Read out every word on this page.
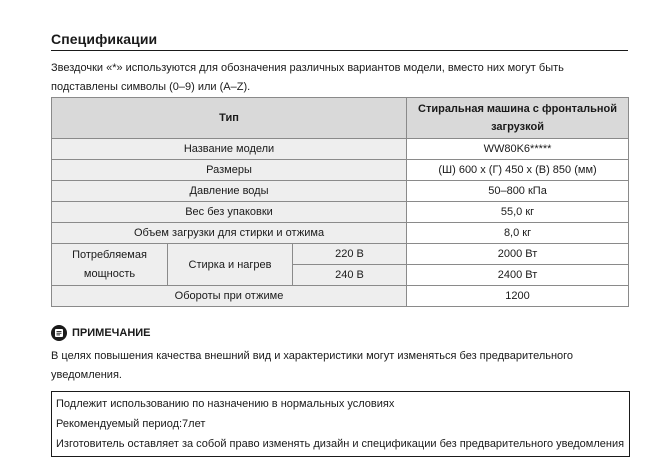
Спецификации
Звездочки «*» используются для обозначения различных вариантов модели, вместо них могут быть подставлены символы (0–9) или (A–Z).
Тип			Стиральная машина с фронтальной загрузкой
Название модели			WW80K6*****
Размеры			(Ш) 600 x (Г) 450 x (В) 850 (мм)
Давление воды			50–800 кПа
Вес без упаковки			55,0 кг
Объем загрузки для стирки и отжима			8,0 кг
Потребляемая мощность	Стирка и нагрев	220 В	2000 Вт
		240 В	2400 Вт
Обороты при отжиме			1200
ПРИМЕЧАНИЕ
В целях повышения качества внешний вид и характеристики могут изменяться без предварительного уведомления.
Подлежит использованию по назначению в нормальных условиях
Рекомендуемый период:7лет
Изготовитель оставляет за собой право изменять дизайн и спецификации без предварительного уведомления
